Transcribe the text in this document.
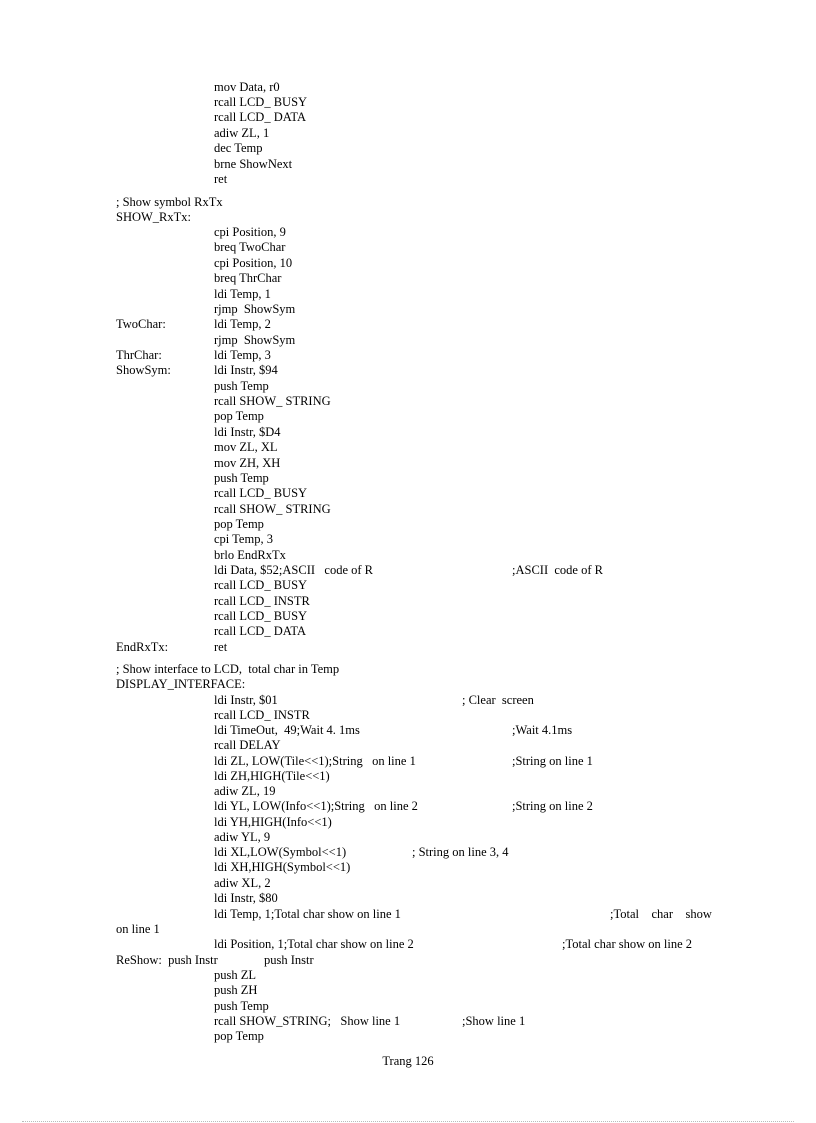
mov Data, r0
rcall LCD_ BUSY
rcall LCD_ DATA
adiw ZL, 1
dec Temp
brne ShowNext
ret
; Show symbol RxTx
SHOW_RxTx:
cpi Position, 9
breq TwoChar
cpi Position, 10
breq ThrChar
ldi Temp, 1
rjmp  ShowSym
TwoChar:	ldi Temp, 2
rjmp  ShowSym
ThrChar:	ldi Temp, 3
ShowSym:	ldi Instr, $94
push Temp
rcall SHOW_ STRING
pop Temp
ldi Instr, $D4
mov ZL, XL
mov ZH, XH
push Temp
rcall LCD_ BUSY
rcall SHOW_ STRING
pop Temp
cpi Temp, 3
brlo EndRxTx
ldi Data, $52;ASCII   code of R	;ASCII  code of R
rcall LCD_ BUSY
rcall LCD_ INSTR
rcall LCD_ BUSY
rcall LCD_ DATA
EndRxTx:	ret
; Show interface to LCD,  total char in Temp
DISPLAY_INTERFACE:
ldi Instr, $01	; Clear  screen
rcall LCD_ INSTR
ldi TimeOut,  49;Wait 4. 1ms	;Wait 4.1ms
rcall DELAY
ldi ZL, LOW(Tile<<1);String   on line 1	;String on line 1
ldi ZH,HIGH(Tile<<1)
adiw ZL, 19
ldi YL, LOW(Info<<1);String   on line 2	;String on line 2
ldi YH,HIGH(Info<<1)
adiw YL, 9
ldi XL,LOW(Symbol<<1)	; String on line 3, 4
ldi XH,HIGH(Symbol<<1)
adiw XL, 2
ldi Instr, $80
ldi Temp, 1;Total char show on line 1	;Total    char    show
on line 1
ldi Position, 1;Total char show on line 2	;Total char show on line 2
ReShow:  push Instr	push Instr
push ZL
push ZH
push Temp
rcall SHOW_STRING;   Show line 1	;Show line 1
pop Temp
Trang 126
